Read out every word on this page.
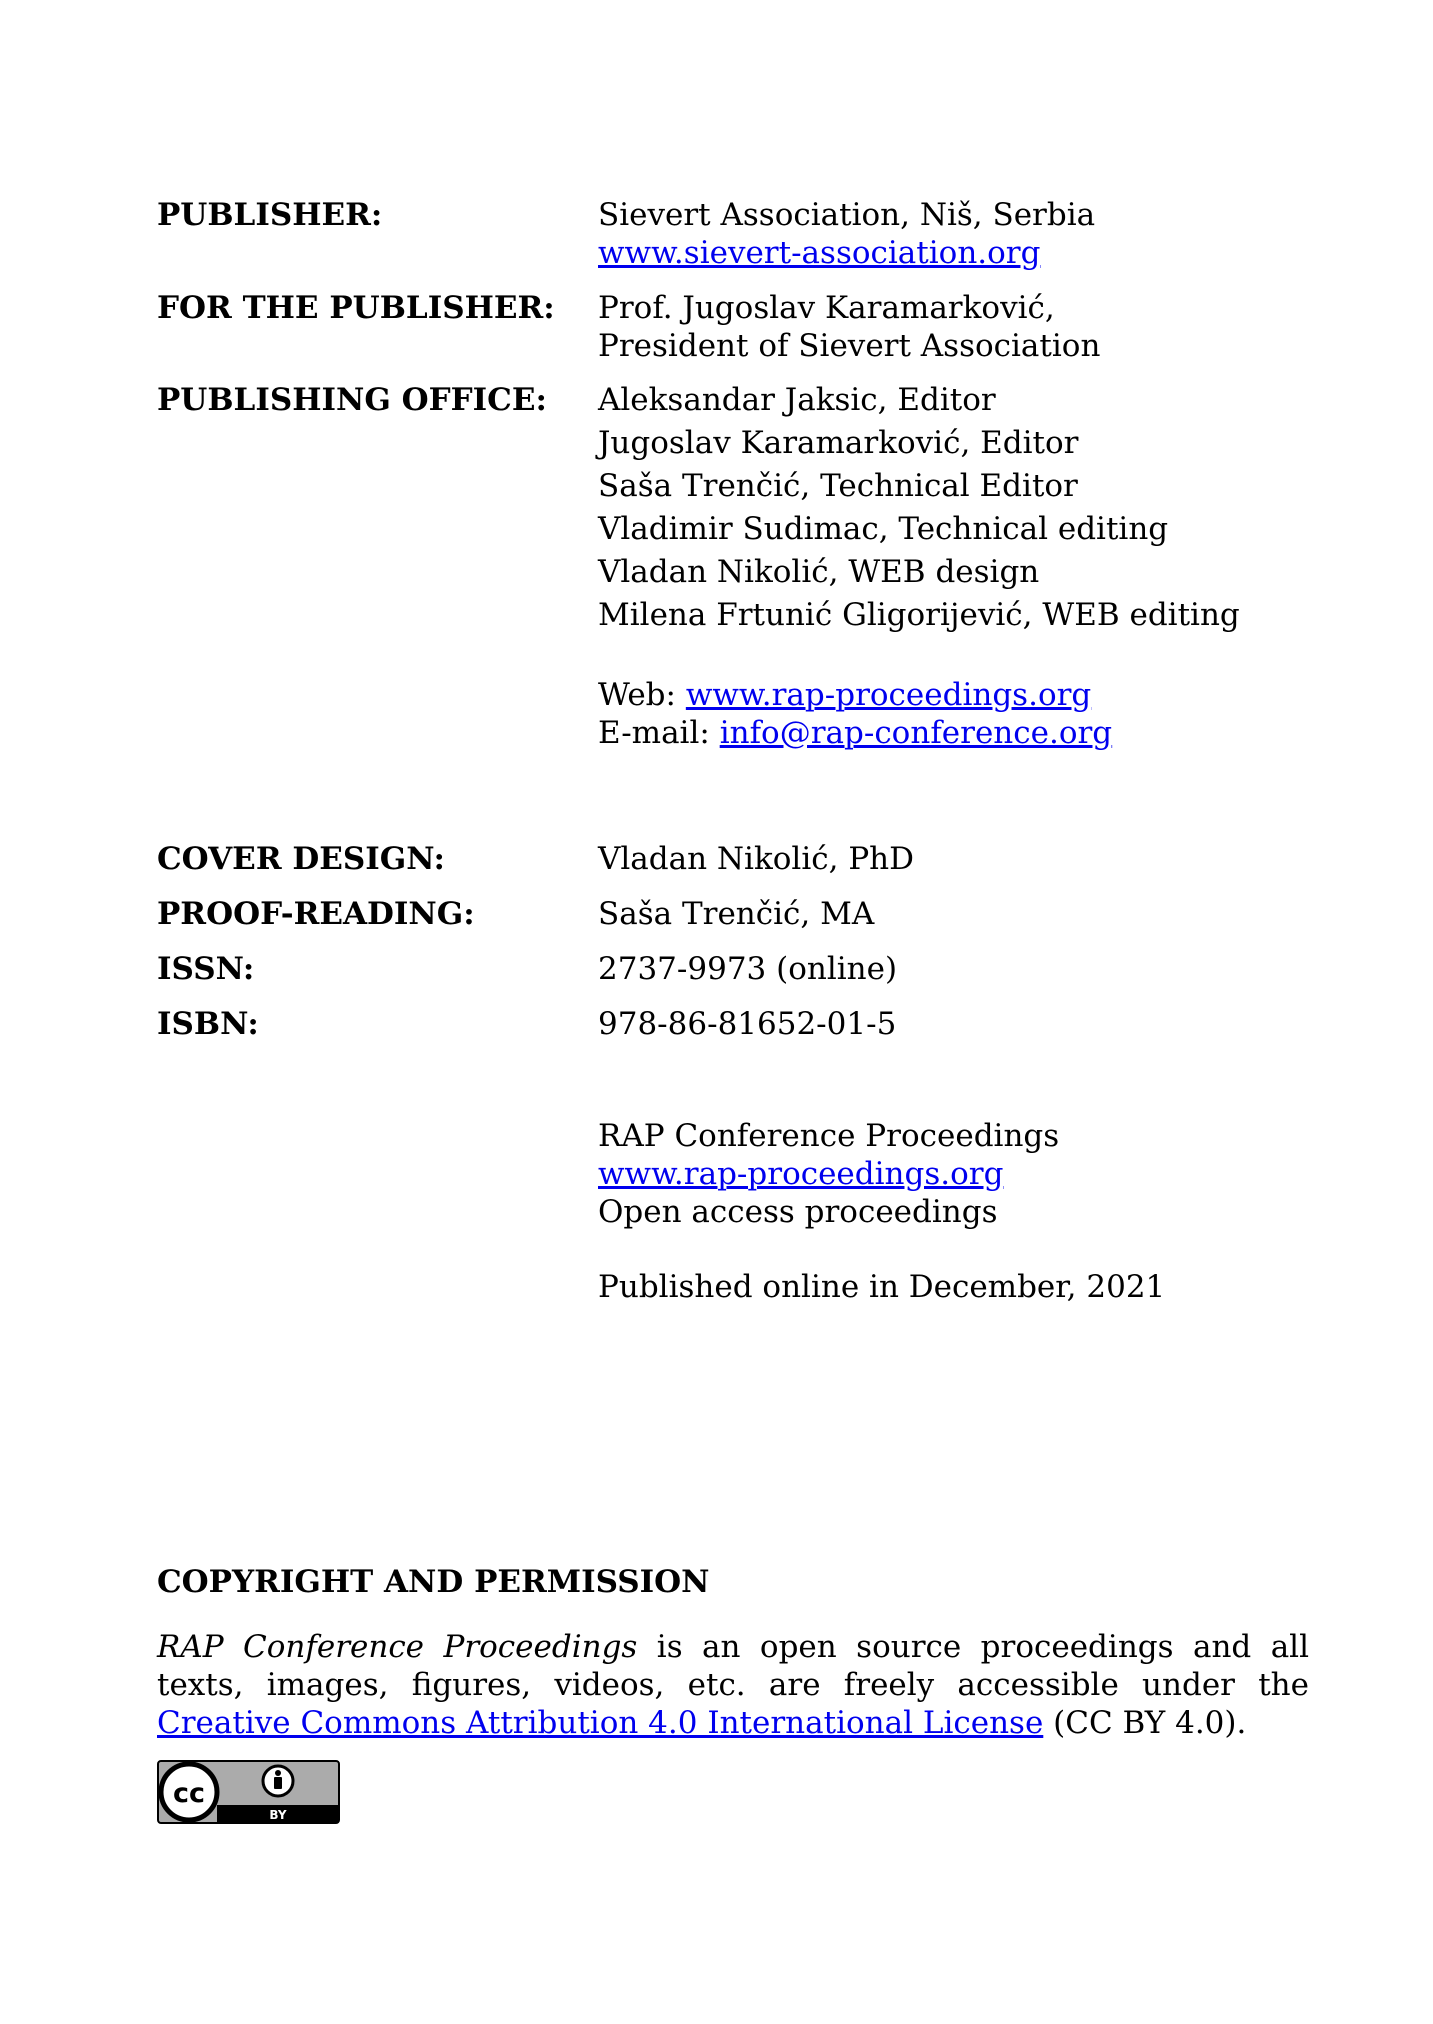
PUBLISHER:	Sievert Association, Niš, Serbia
www.sievert-association.org
FOR THE PUBLISHER: Prof. Jugoslav Karamarković,
President of Sievert Association
PUBLISHING OFFICE: Aleksandar Jaksic, Editor
Jugoslav Karamarković, Editor
Saša Trenčić, Technical Editor
Vladimir Sudimac, Technical editing
Vladan Nikolić, WEB design
Milena Frtunić Gligorijević, WEB editing
Web: www.rap-proceedings.org
E-mail: info@rap-conference.org
COVER DESIGN:	Vladan Nikolić, PhD
PROOF-READING:	Saša Trenčić, MA
ISSN:	2737-9973 (online)
ISBN:	978-86-81652-01-5
RAP Conference Proceedings
www.rap-proceedings.org
Open access proceedings
Published online in December, 2021
COPYRIGHT AND PERMISSION
RAP Conference Proceedings is an open source proceedings and all texts, images, figures, videos, etc. are freely accessible under the Creative Commons Attribution 4.0 International License (CC BY 4.0).
cc
BY
